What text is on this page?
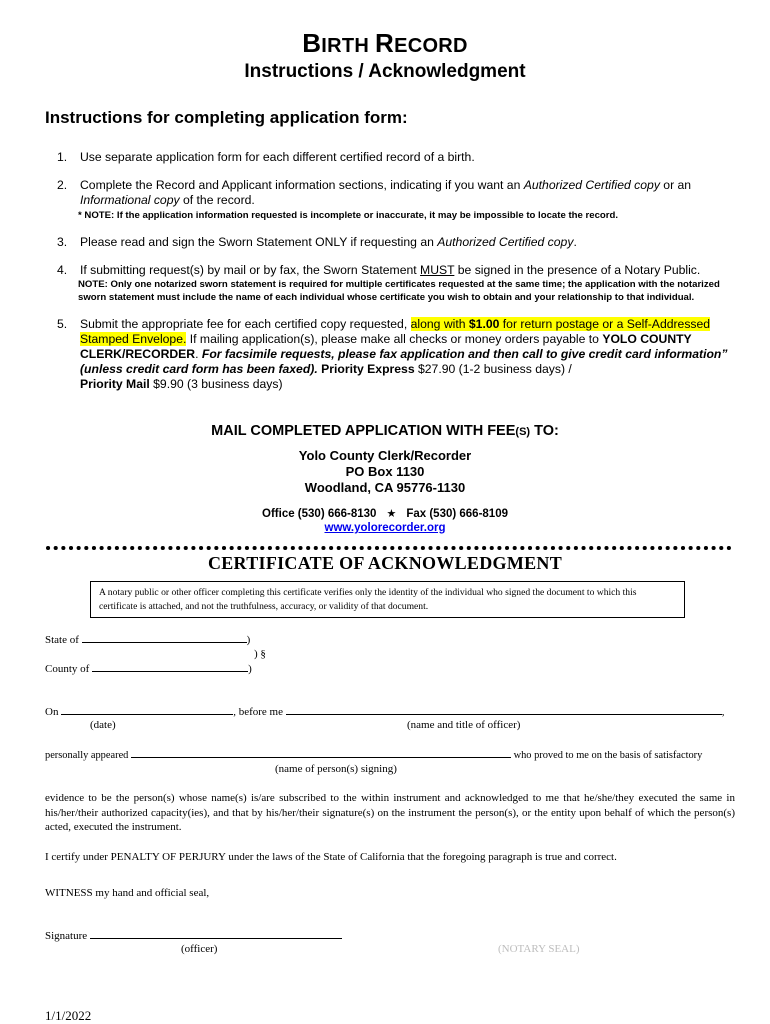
BIRTH RECORD
Instructions / Acknowledgment
Instructions for completing application form:
1. Use separate application form for each different certified record of a birth.
2. Complete the Record and Applicant information sections, indicating if you want an Authorized Certified copy or an Informational copy of the record.
* NOTE: If the application information requested is incomplete or inaccurate, it may be impossible to locate the record.
3. Please read and sign the Sworn Statement ONLY if requesting an Authorized Certified copy.
4. If submitting request(s) by mail or by fax, the Sworn Statement MUST be signed in the presence of a Notary Public.
NOTE: Only one notarized sworn statement is required for multiple certificates requested at the same time; the application with the notarized sworn statement must include the name of each individual whose certificate you wish to obtain and your relationship to that individual.
5. Submit the appropriate fee for each certified copy requested, along with $1.00 for return postage or a Self-Addressed Stamped Envelope. If mailing application(s), please make all checks or money orders payable to YOLO COUNTY CLERK/RECORDER. For facsimile requests, please fax application and then call to give credit card information” (unless credit card form has been faxed). Priority Express $27.90 (1-2 business days) /
Priority Mail $9.90 (3 business days)
MAIL COMPLETED APPLICATION WITH FEE(S) TO:
Yolo County Clerk/Recorder
PO Box 1130
Woodland, CA 95776-1130
Office (530) 666-8130 ★ Fax (530) 666-8109
www.yolorecorder.org
CERTIFICATE OF ACKNOWLEDGMENT
A notary public or other officer completing this certificate verifies only the identity of the individual who signed the document to which this certificate is attached, and not the truthfulness, accuracy, or validity of that document.
State of	)
) §
County of	)
On	, before me	,
(date)	(name and title of officer)
personally appeared	who proved to me on the basis of satisfactory
(name of person(s) signing)
evidence to be the person(s) whose name(s) is/are subscribed to the within instrument and acknowledged to me that he/she/they executed the same in his/her/their authorized capacity(ies), and that by his/her/their signature(s) on the instrument the person(s), or the entity upon behalf of which the person(s) acted, executed the instrument.
I certify under PENALTY OF PERJURY under the laws of the State of California that the foregoing paragraph is true and correct.
WITNESS my hand and official seal,
Signature
(officer)	(NOTARY SEAL)
1/1/2022
